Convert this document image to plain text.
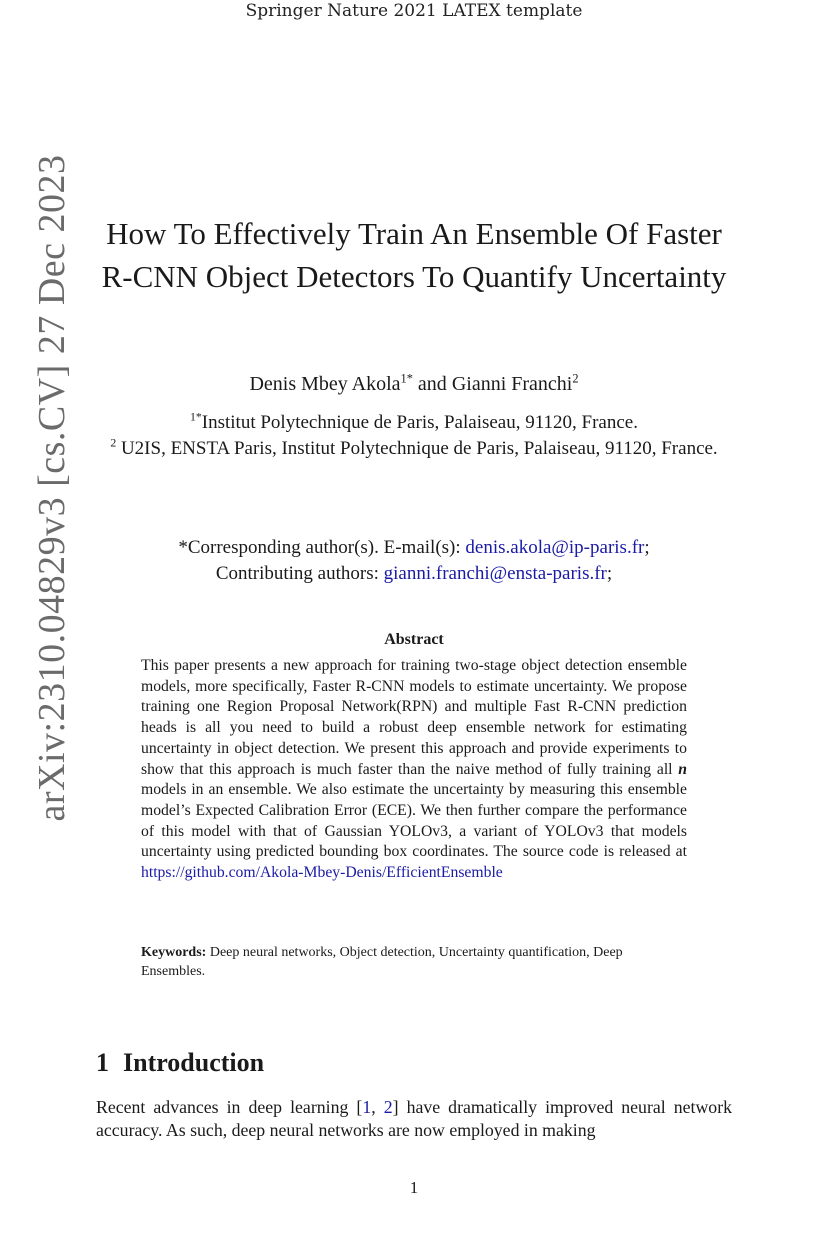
Springer Nature 2021 LATEX template
arXiv:2310.04829v3 [cs.CV] 27 Dec 2023 How To Effectively Train An Ensemble Of Faster R-CNN Object Detectors To Quantify Uncertainty
Denis Mbey Akola$^{1*}$ and Gianni Franchi$^2$
$^{1*}$Institut Polytechnique de Paris, Palaiseau, 91120, France.
$^2$ U2IS, ENSTA Paris, Institut Polytechnique de Paris, Palaiseau, 91120, France.
*Corresponding author(s). E-mail(s): denis.akola@ip-paris.fr;
Contributing authors: gianni.franchi@ensta-paris.fr;
Abstract
This paper presents a new approach for training two-stage object detection ensemble models, more specifically, Faster R-CNN models to estimate uncertainty. We propose training one Region Proposal Network(RPN) and multiple Fast R-CNN prediction heads is all you need to build a robust deep ensemble network for estimating uncertainty in object detection. We present this approach and provide experiments to show that this approach is much faster than the naive method of fully training all n models in an ensemble. We also estimate the uncertainty by measuring this ensemble model’s Expected Calibration Error (ECE). We then further compare the performance of this model with that of Gaussian YOLOv3, a variant of YOLOv3 that models uncertainty using predicted bounding box coordinates. The source code is released at https://github.com/Akola-Mbey-Denis/EfficientEnsemble
Keywords: Deep neural networks, Object detection, Uncertainty quantification, Deep Ensembles.
1 Introduction
Recent advances in deep learning [1, 2] have dramatically improved neural network accuracy. As such, deep neural networks are now employed in making
1
